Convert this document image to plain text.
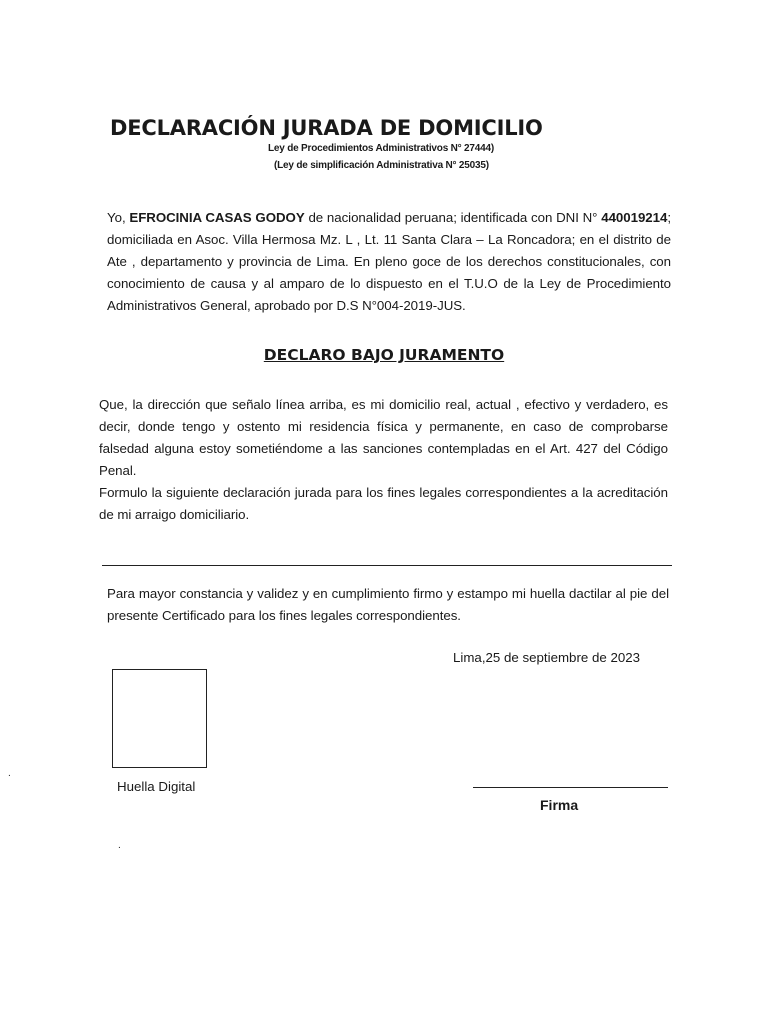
DECLARACIÓN JURADA DE DOMICILIO
Ley de Procedimientos Administrativos N° 27444)
(Ley de simplificación Administrativa N° 25035)
Yo, EFROCINIA CASAS GODOY de nacionalidad peruana; identificada con DNI N° 440019214; domiciliada en Asoc. Villa Hermosa Mz. L , Lt. 11 Santa Clara – La Roncadora; en el distrito de Ate , departamento y provincia de Lima. En pleno goce de los derechos constitucionales, con conocimiento de causa y al amparo de lo dispuesto en el T.U.O de la Ley de Procedimiento Administrativos General, aprobado por D.S N°004-2019-JUS.
DECLARO BAJO JURAMENTO
Que, la dirección que señalo línea arriba, es mi domicilio real, actual , efectivo y verdadero, es decir, donde tengo y ostento mi residencia física y permanente, en caso de comprobarse falsedad alguna estoy sometiéndome a las sanciones contempladas en el Art. 427 del Código Penal.
Formulo la siguiente declaración jurada para los fines legales correspondientes a la acreditación de mi arraigo domiciliario.
Para mayor constancia y validez y en cumplimiento firmo y estampo mi huella dactilar al pie del presente Certificado para los fines legales correspondientes.
Lima,25 de septiembre de 2023
Huella Digital
Firma
.
.
